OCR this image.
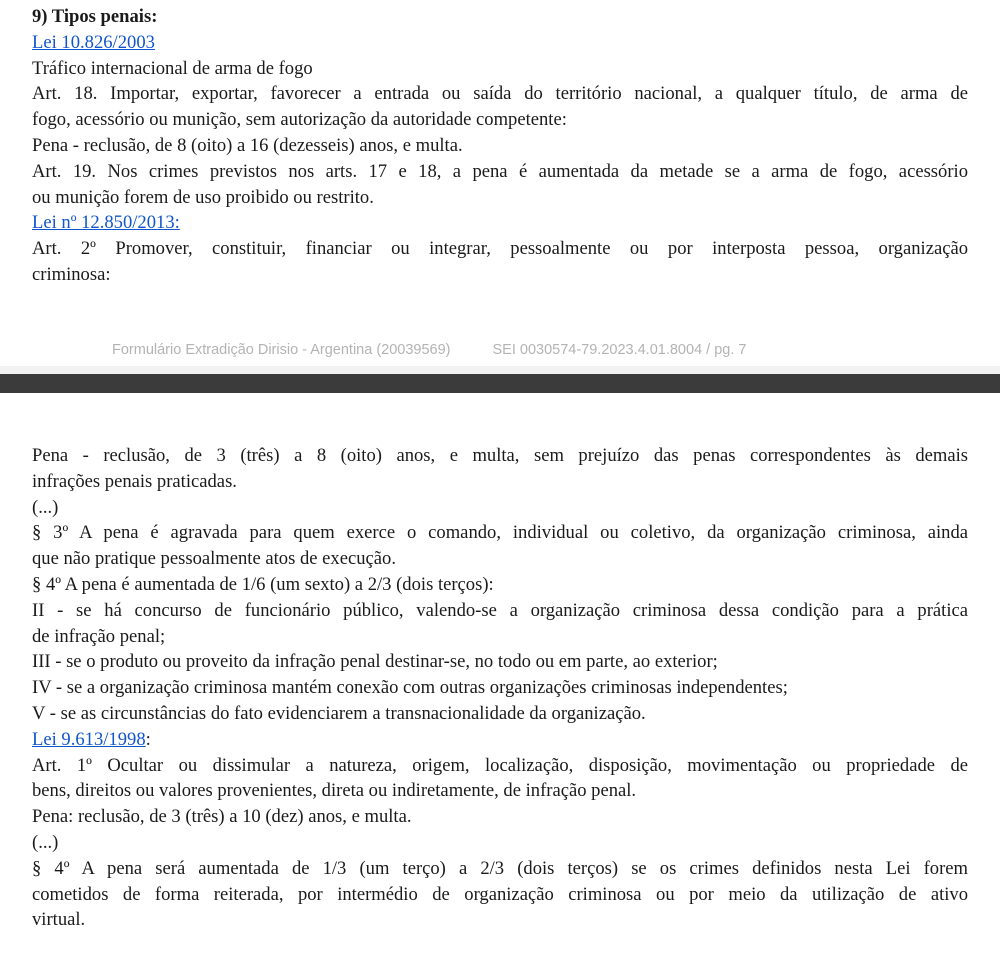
9) Tipos penais:
Lei 10.826/2003
Tráfico internacional de arma de fogo
Art. 18. Importar, exportar, favorecer a entrada ou saída do território nacional, a qualquer título, de arma de
fogo, acessório ou munição, sem autorização da autoridade competente:
Pena - reclusão, de 8 (oito) a 16 (dezesseis) anos, e multa.
Art. 19. Nos crimes previstos nos arts. 17 e 18, a pena é aumentada da metade se a arma de fogo, acessório
ou munição forem de uso proibido ou restrito.
Lei nº 12.850/2013:
Art. 2º Promover, constituir, financiar ou integrar, pessoalmente ou por interposta pessoa, organização
criminosa:
Formulário Extradição Dirisio - Argentina (20039569)	SEI 0030574-79.2023.4.01.8004 / pg. 7
Pena - reclusão, de 3 (três) a 8 (oito) anos, e multa, sem prejuízo das penas correspondentes às demais
infrações penais praticadas.
(...)
§ 3º A pena é agravada para quem exerce o comando, individual ou coletivo, da organização criminosa, ainda
que não pratique pessoalmente atos de execução.
§ 4º A pena é aumentada de 1/6 (um sexto) a 2/3 (dois terços):
II - se há concurso de funcionário público, valendo-se a organização criminosa dessa condição para a prática
de infração penal;
III - se o produto ou proveito da infração penal destinar-se, no todo ou em parte, ao exterior;
IV - se a organização criminosa mantém conexão com outras organizações criminosas independentes;
V - se as circunstâncias do fato evidenciarem a transnacionalidade da organização.
Lei 9.613/1998:
Art. 1º Ocultar ou dissimular a natureza, origem, localização, disposição, movimentação ou propriedade de
bens, direitos ou valores provenientes, direta ou indiretamente, de infração penal.
Pena: reclusão, de 3 (três) a 10 (dez) anos, e multa.
(...)
§ 4º A pena será aumentada de 1/3 (um terço) a 2/3 (dois terços) se os crimes definidos nesta Lei forem
cometidos de forma reiterada, por intermédio de organização criminosa ou por meio da utilização de ativo
virtual.
